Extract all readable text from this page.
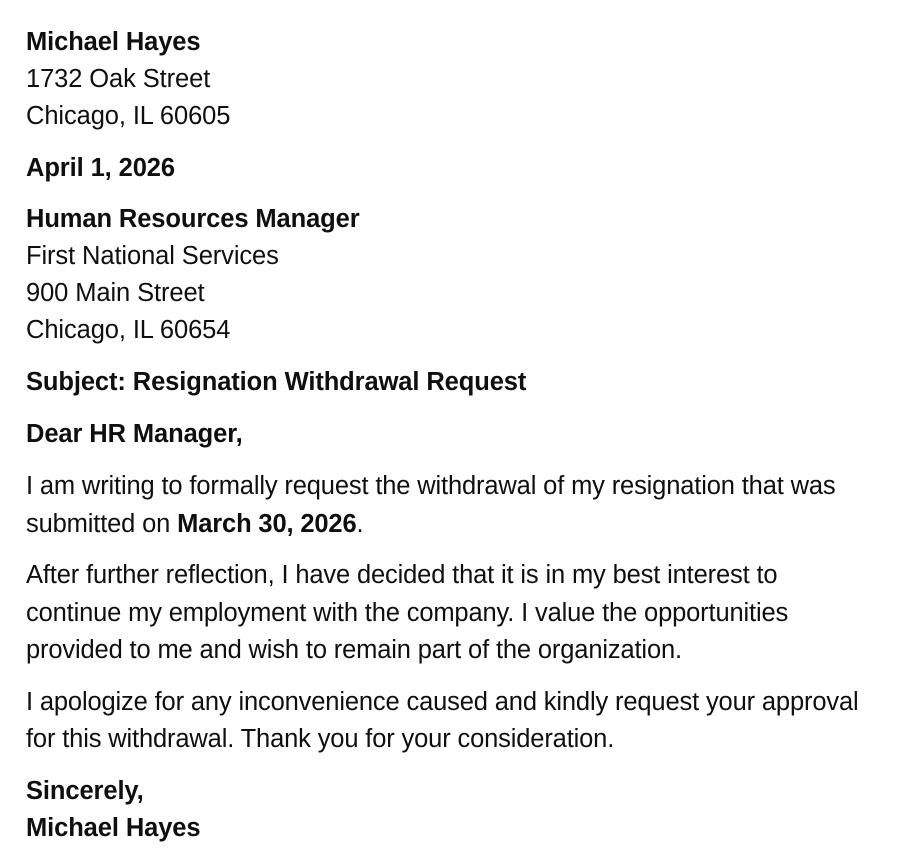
Michael Hayes
1732 Oak Street
Chicago, IL 60605
April 1, 2026
Human Resources Manager
First National Services
900 Main Street
Chicago, IL 60654
Subject: Resignation Withdrawal Request
Dear HR Manager,

I am writing to formally request the withdrawal of my resignation that was submitted on March 30, 2026.

After further reflection, I have decided that it is in my best interest to continue my employment with the company. I value the opportunities provided to me and wish to remain part of the organization.

I apologize for any inconvenience caused and kindly request your approval for this withdrawal. Thank you for your consideration.

Sincerely,
Michael Hayes
